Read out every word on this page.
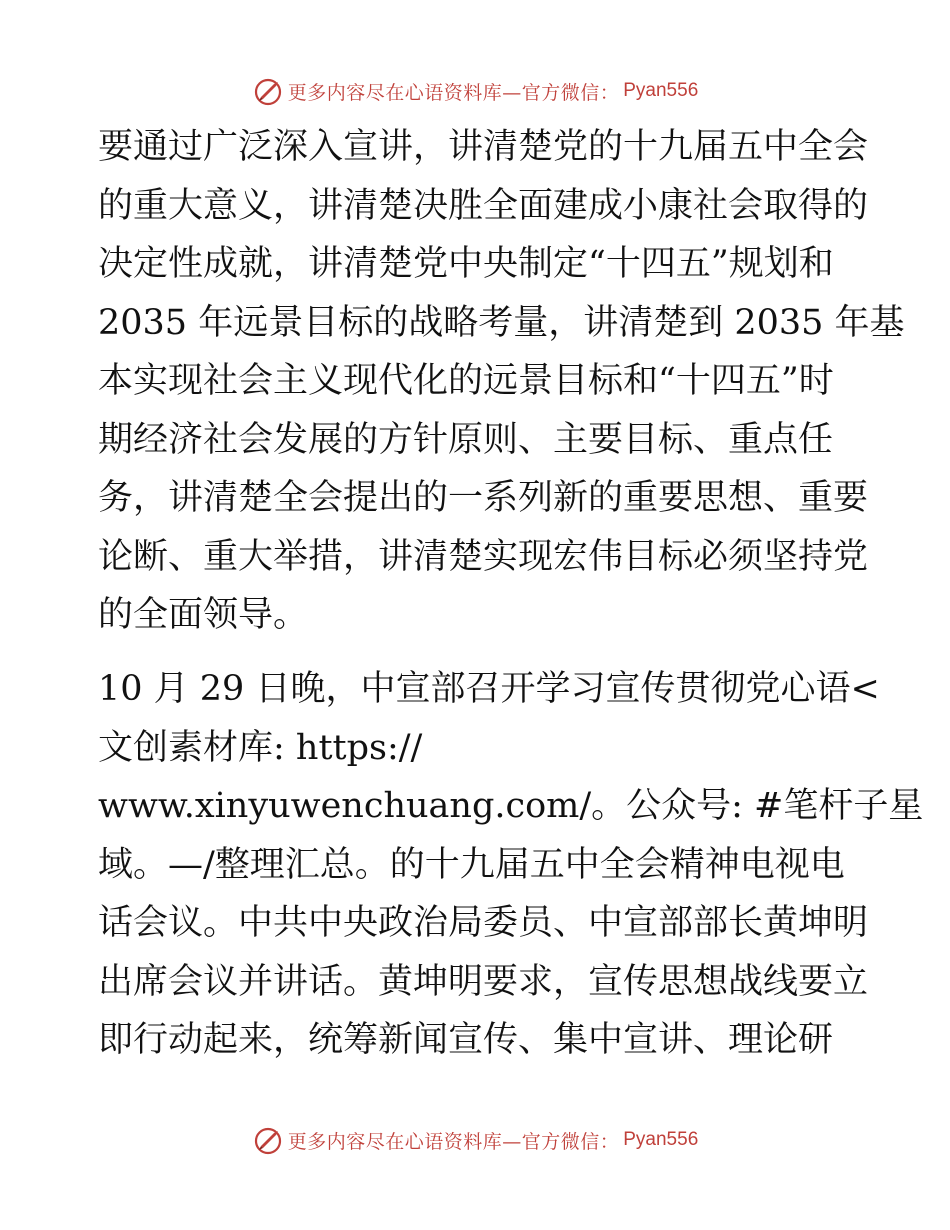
更多内容尽在心语资料库—官方微信： Pyan556
要通过广泛深入宣讲，讲清楚党的十九届五中全会
的重大意义，讲清楚决胜全面建成小康社会取得的
决定性成就，讲清楚党中央制定“十四五”规划和
2035 年远景目标的战略考量，讲清楚到 2035 年基
本实现社会主义现代化的远景目标和“十四五”时
期经济社会发展的方针原则、主要目标、重点任
务，讲清楚全会提出的一系列新的重要思想、重要
论断、重大举措，讲清楚实现宏伟目标必须坚持党
的全面领导。
10 月 29 日晚，中宣部召开学习宣传贯彻党心语<
文创素材库: https://
www.xinyuwenchuang.com/。公众号: #笔杆子星
域。—/整理汇总。的十九届五中全会精神电视电
话会议。中共中央政治局委员、中宣部部长黄坤明
出席会议并讲话。黄坤明要求，宣传思想战线要立
即行动起来，统筹新闻宣传、集中宣讲、理论研
更多内容尽在心语资料库—官方微信： Pyan556
